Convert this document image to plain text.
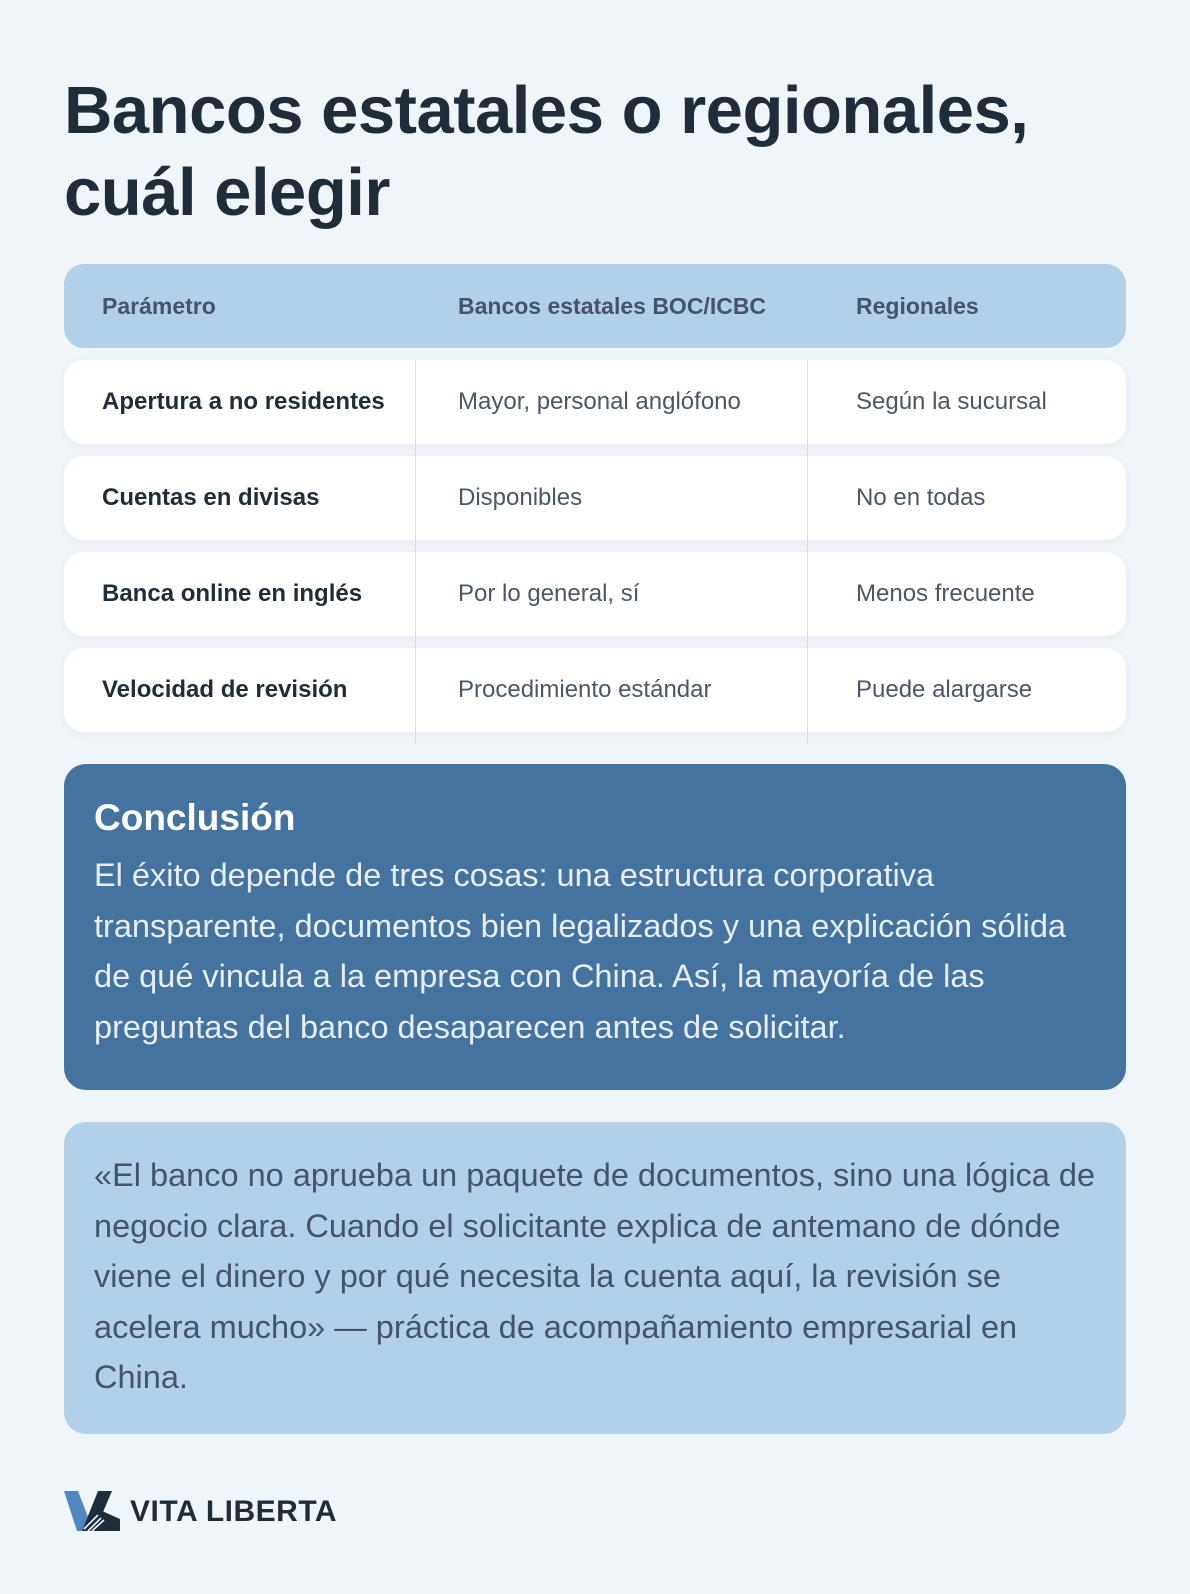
Bancos estatales o regionales, cuál elegir
Parámetro	Bancos estatales BOC/ICBC	Regionales
Apertura a no residentes	Mayor, personal anglófono	Según la sucursal
Cuentas en divisas	Disponibles	No en todas
Banca online en inglés	Por lo general, sí	Menos frecuente
Velocidad de revisión	Procedimiento estándar	Puede alargarse
Conclusión

El éxito depende de tres cosas: una estructura corporativa transparente, documentos bien legalizados y una explicación sólida de qué vincula a la empresa con China. Así, la mayoría de las preguntas del banco desaparecen antes de solicitar.

«El banco no aprueba un paquete de documentos, sino una lógica de negocio clara. Cuando el solicitante explica de antemano de dónde viene el dinero y por qué necesita la cuenta aquí, la revisión se acelera mucho» — práctica de acompañamiento empresarial en China.

VITA LIBERTA
